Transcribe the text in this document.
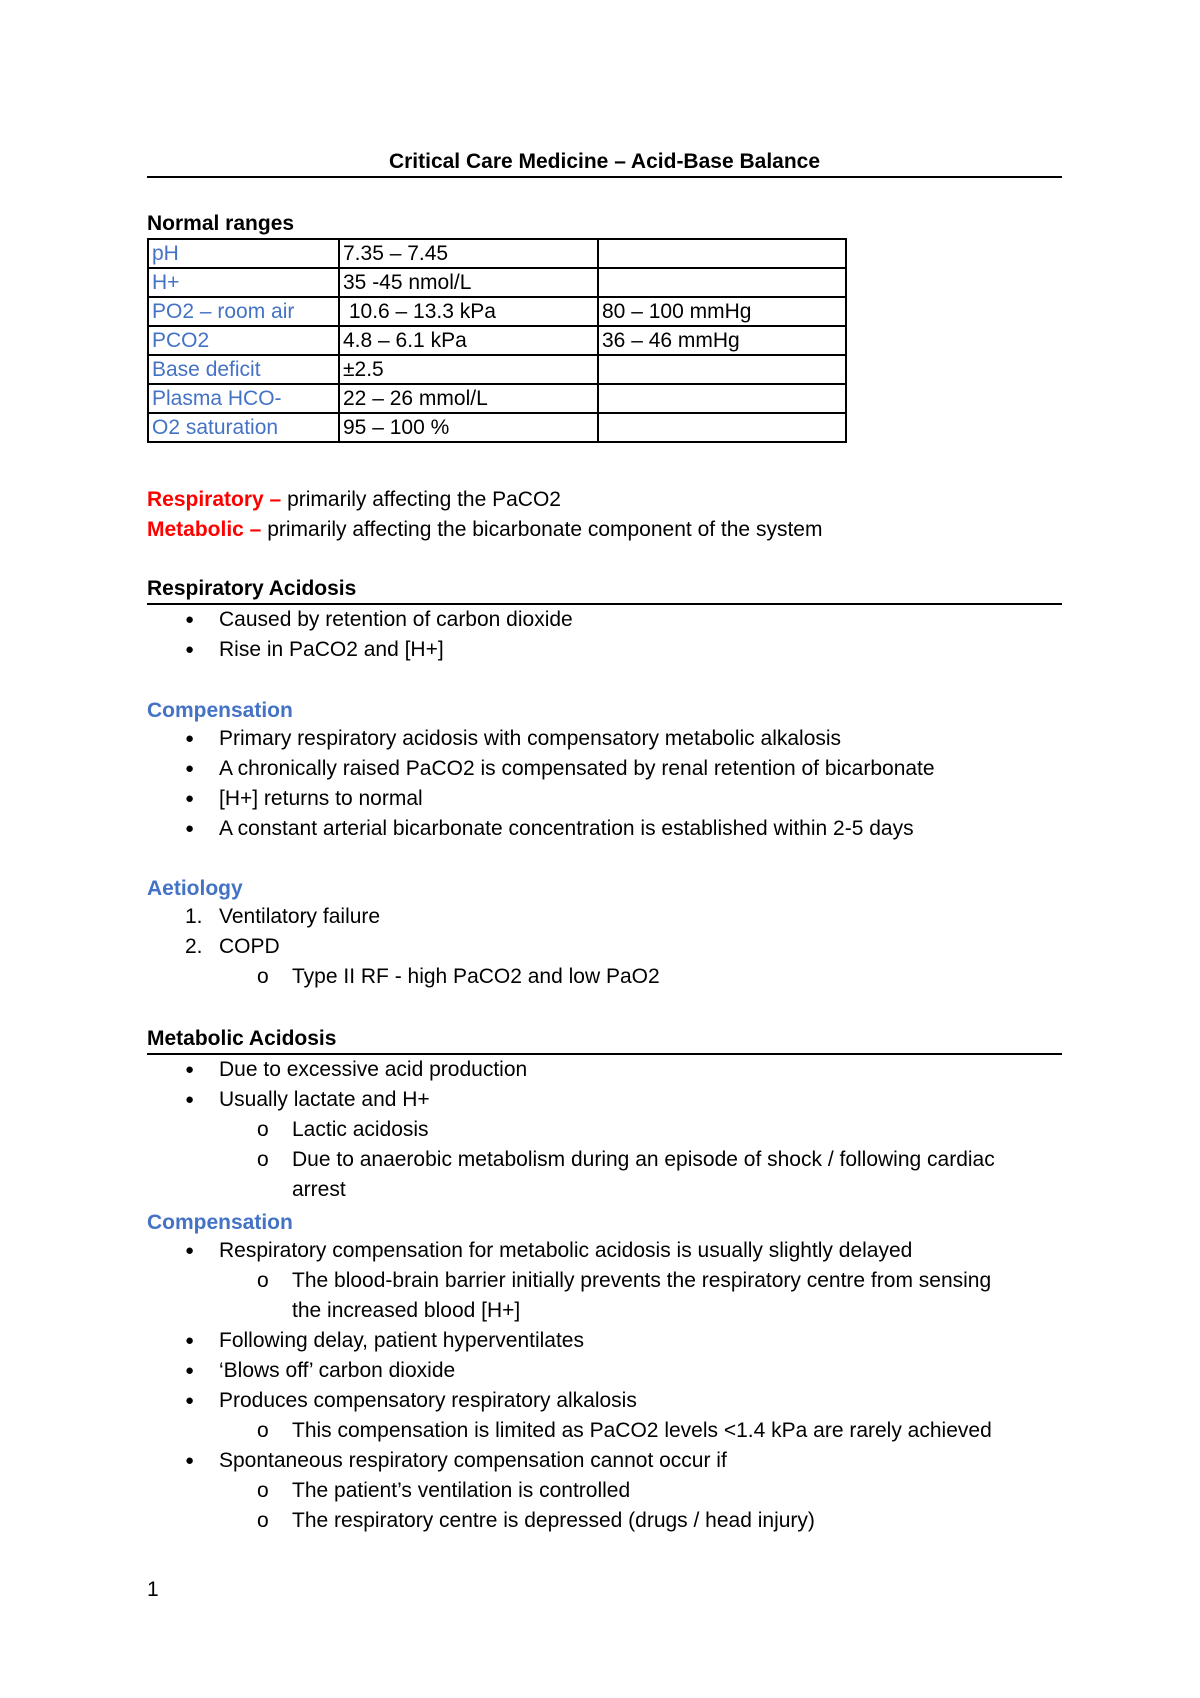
Critical Care Medicine – Acid-Base Balance
Normal ranges
pH	7.35 – 7.45	
H+	35 -45 nmol/L	
PO2 – room air	10.6 – 13.3 kPa	80 – 100 mmHg
PCO2	4.8 – 6.1 kPa	36 – 46 mmHg
Base deficit	±2.5	
Plasma HCO-	22 – 26 mmol/L	
O2 saturation	95 – 100 %	
Respiratory – primarily affecting the PaCO2
Metabolic – primarily affecting the bicarbonate component of the system
Respiratory Acidosis
● Caused by retention of carbon dioxide
● Rise in PaCO2 and [H+]
Compensation
● Primary respiratory acidosis with compensatory metabolic alkalosis
● A chronically raised PaCO2 is compensated by renal retention of bicarbonate
● [H+] returns to normal
● A constant arterial bicarbonate concentration is established within 2-5 days
Aetiology
1. Ventilatory failure
2. COPD
o Type II RF - high PaCO2 and low PaO2
Metabolic Acidosis
● Due to excessive acid production
● Usually lactate and H+
o Lactic acidosis
o Due to anaerobic metabolism during an episode of shock / following cardiac
arrest
Compensation
● Respiratory compensation for metabolic acidosis is usually slightly delayed
o The blood-brain barrier initially prevents the respiratory centre from sensing
the increased blood [H+]
● Following delay, patient hyperventilates
● ‘Blows off’ carbon dioxide
● Produces compensatory respiratory alkalosis
o This compensation is limited as PaCO2 levels <1.4 kPa are rarely achieved
● Spontaneous respiratory compensation cannot occur if
o The patient’s ventilation is controlled
o The respiratory centre is depressed (drugs / head injury)
1
